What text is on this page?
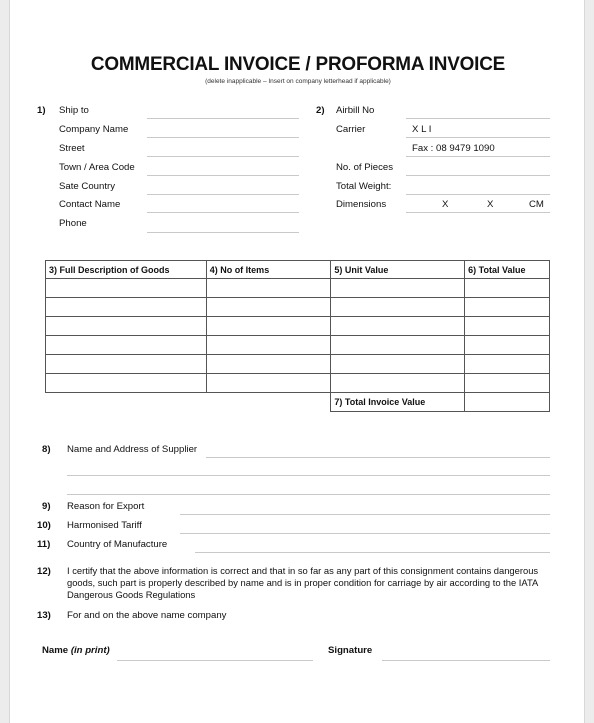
COMMERCIAL INVOICE / PROFORMA INVOICE
(delete inapplicable – Insert on company letterhead if applicable)
1) Ship to
Company Name
Street
Town / Area Code
Sate Country
Contact Name
Phone
2) Airbill No
Carrier	X L I
Fax : 08 9479 1090
No. of Pieces
Total Weight:
Dimensions	X	X	CM
3) Full Description of Goods	4) No of Items	5) Unit Value	6) Total Value

		7) Total Invoice Value	
8) Name and Address of Supplier
9) Reason for Export
10) Harmonised Tariff
11) Country of Manufacture
12) I certify that the above information is correct and that in so far as any part of this consignment contains dangerous goods, such part is properly described by name and is in proper condition for carriage by air according to the IATA Dangerous Goods Regulations
13) For and on the above name company
Name (in print)	Signature
